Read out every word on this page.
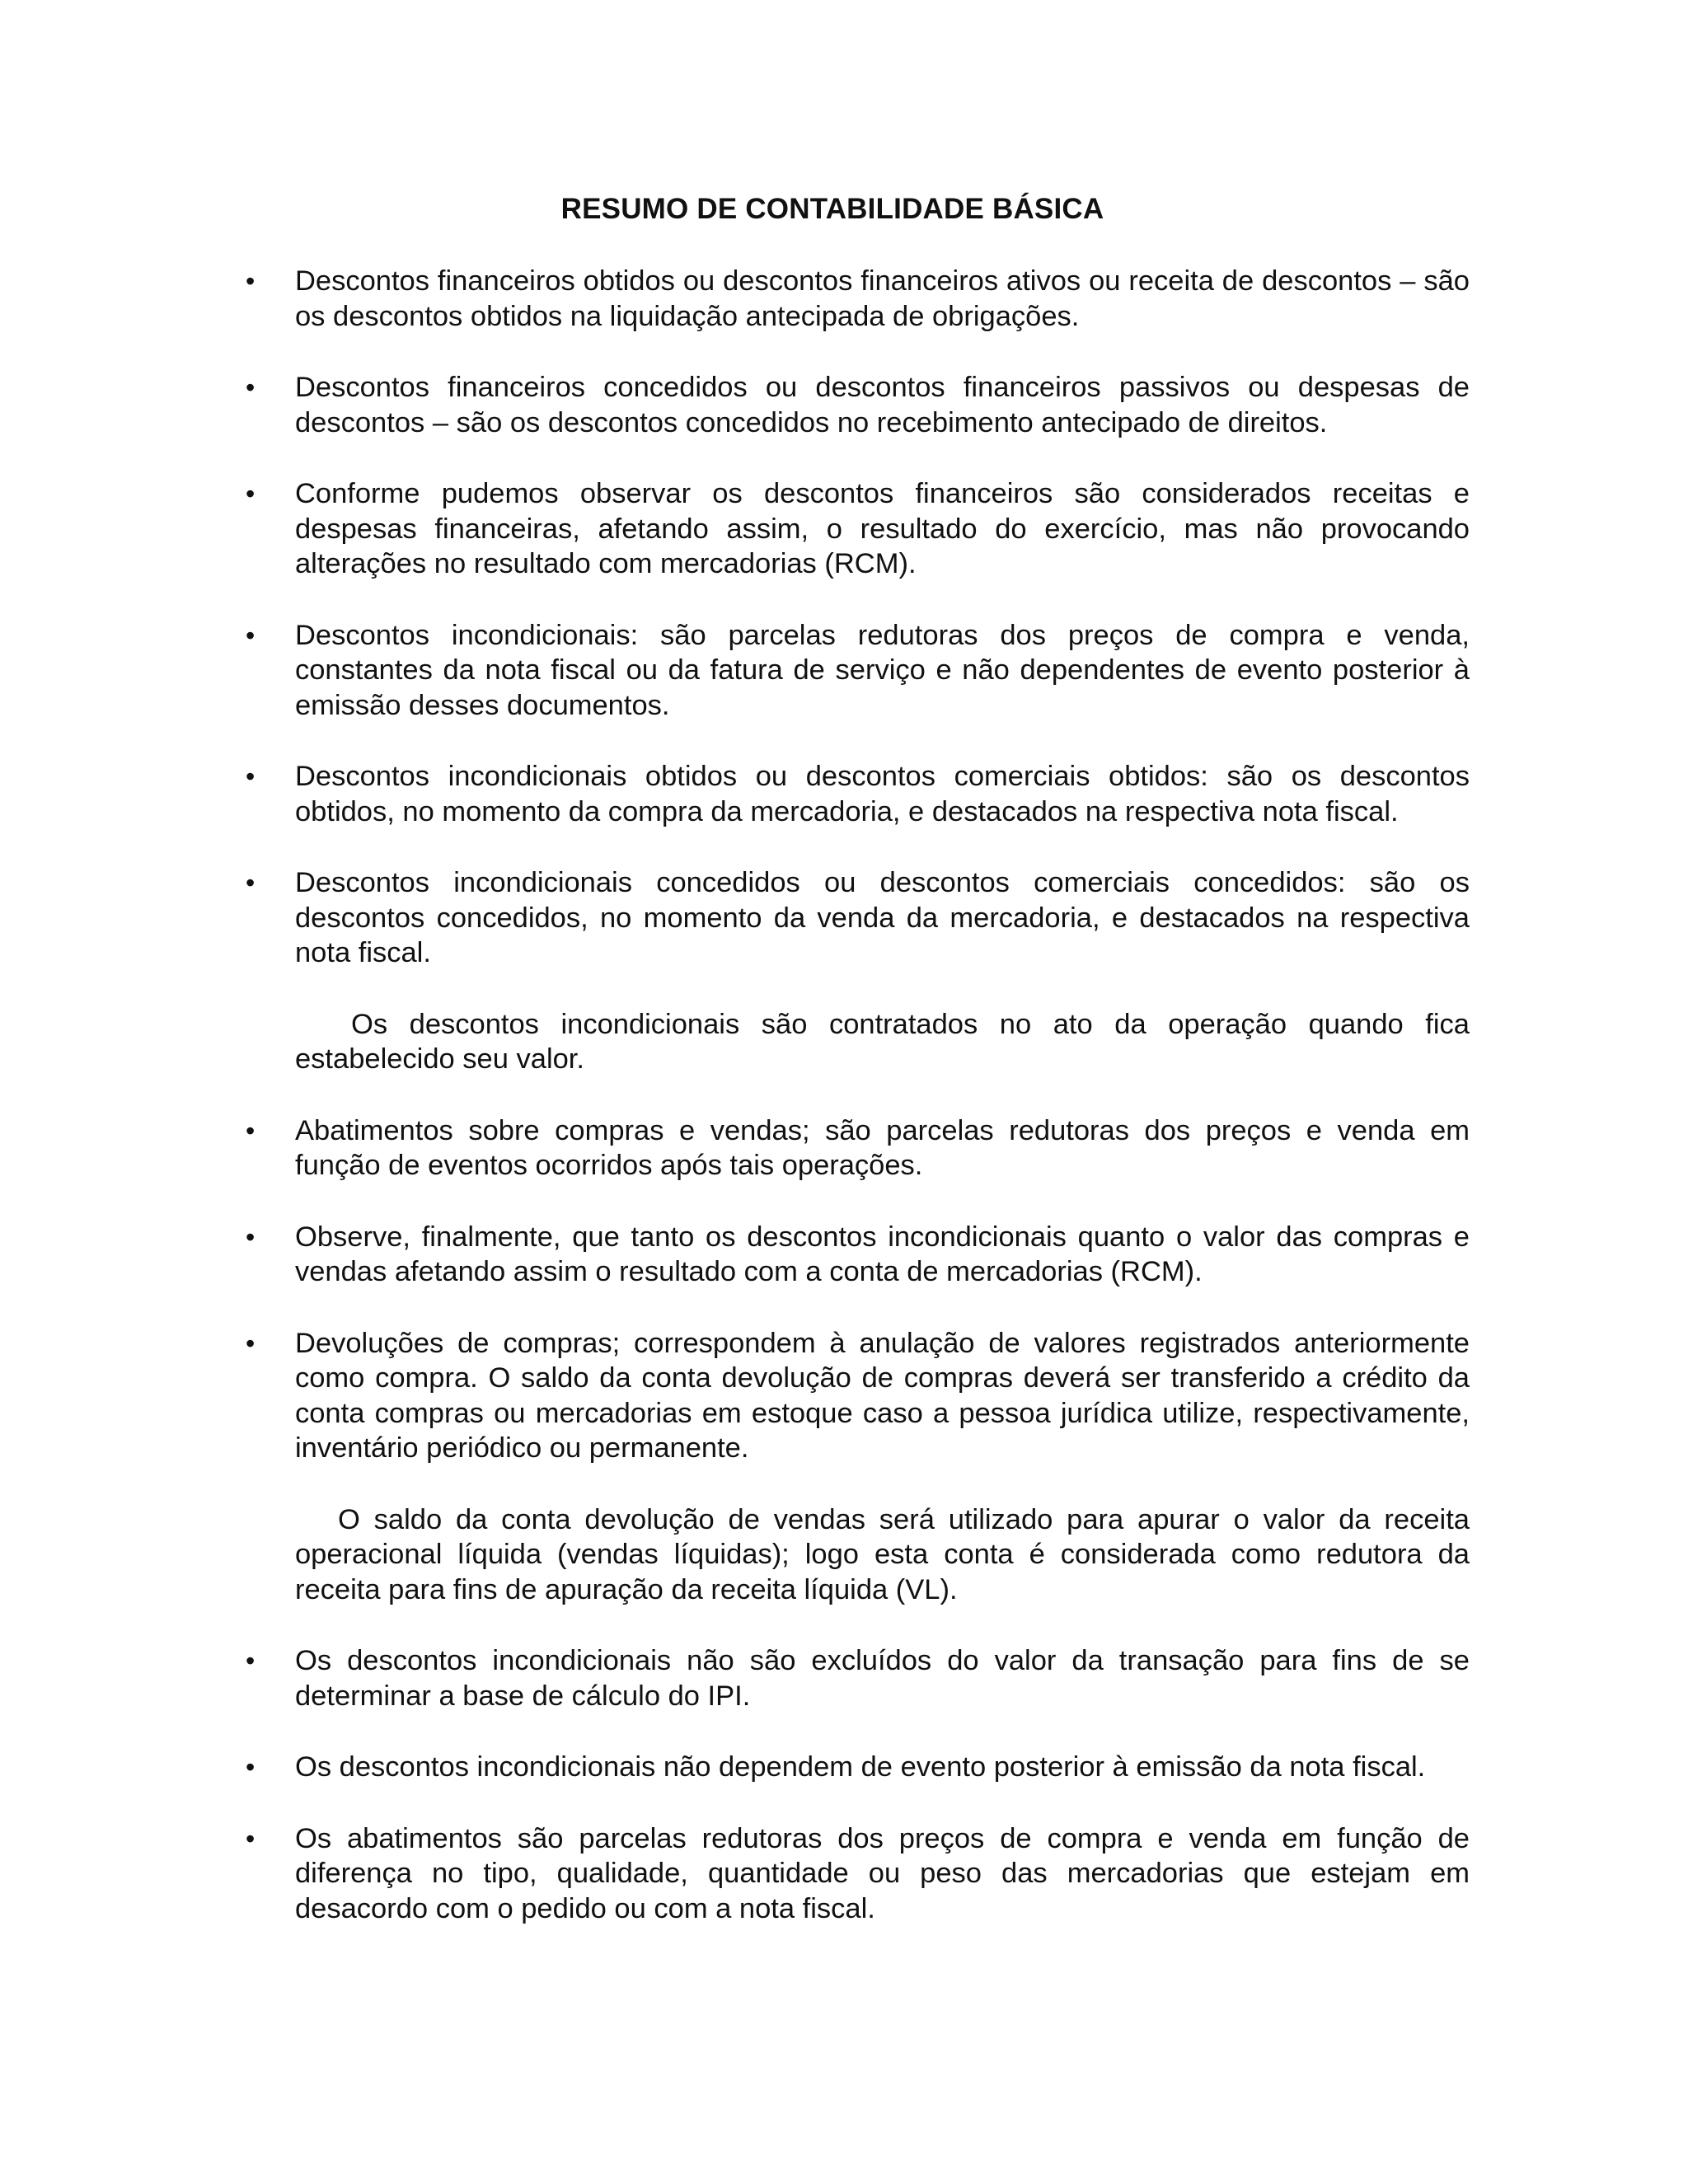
RESUMO DE CONTABILIDADE BÁSICA

• Descontos financeiros obtidos ou descontos financeiros ativos ou receita de descontos – são os descontos obtidos na liquidação antecipada de obrigações.

• Descontos financeiros concedidos ou descontos financeiros passivos ou despesas de descontos – são os descontos concedidos no recebimento antecipado de direitos.

• Conforme pudemos observar os descontos financeiros são considerados receitas e despesas financeiras, afetando assim, o resultado do exercício, mas não provocando alterações no resultado com mercadorias (RCM).

• Descontos incondicionais: são parcelas redutoras dos preços de compra e venda, constantes da nota fiscal ou da fatura de serviço e não dependentes de evento posterior à emissão desses documentos.

• Descontos incondicionais obtidos ou descontos comerciais obtidos: são os descontos obtidos, no momento da compra da mercadoria, e destacados na respectiva nota fiscal.

• Descontos incondicionais concedidos ou descontos comerciais concedidos: são os descontos concedidos, no momento da venda da mercadoria, e destacados na respectiva nota fiscal.

Os descontos incondicionais são contratados no ato da operação quando fica estabelecido seu valor.

• Abatimentos sobre compras e vendas; são parcelas redutoras dos preços e venda em função de eventos ocorridos após tais operações.

• Observe, finalmente, que tanto os descontos incondicionais quanto o valor das compras e vendas afetando assim o resultado com a conta de mercadorias (RCM).

• Devoluções de compras; correspondem à anulação de valores registrados anteriormente como compra. O saldo da conta devolução de compras deverá ser transferido a crédito da conta compras ou mercadorias em estoque caso a pessoa jurídica utilize, respectivamente, inventário periódico ou permanente.

O saldo da conta devolução de vendas será utilizado para apurar o valor da receita operacional líquida (vendas líquidas); logo esta conta é considerada como redutora da receita para fins de apuração da receita líquida (VL).

• Os descontos incondicionais não são excluídos do valor da transação para fins de se determinar a base de cálculo do IPI.

• Os descontos incondicionais não dependem de evento posterior à emissão da nota fiscal.

• Os abatimentos são parcelas redutoras dos preços de compra e venda em função de diferença no tipo, qualidade, quantidade ou peso das mercadorias que estejam em desacordo com o pedido ou com a nota fiscal.
